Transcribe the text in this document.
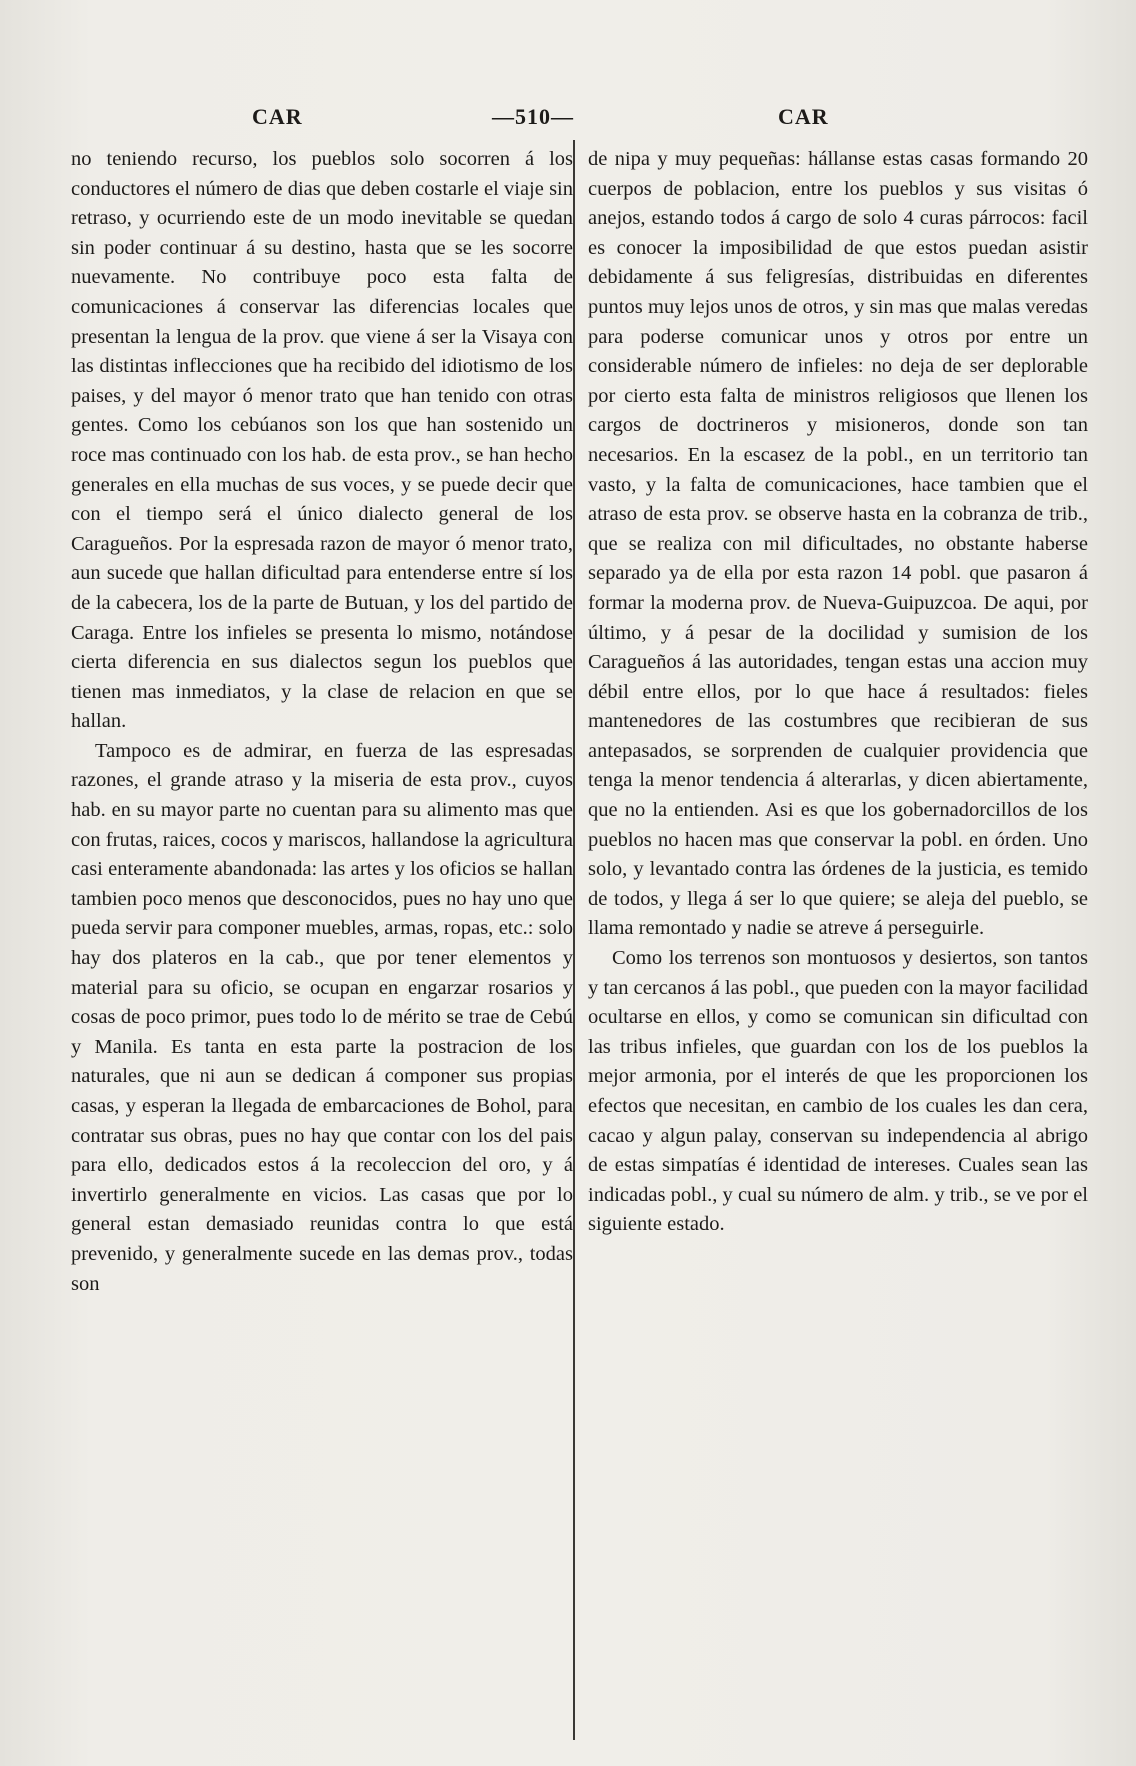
CAR	—510—	CAR

no teniendo recurso, los pueblos solo socorren á los conductores el número de dias que deben costarle el viaje sin retraso, y ocurriendo este de un modo inevitable se quedan sin poder continuar á su destino, hasta que se les socorre nuevamente. No contribuye poco esta falta de comunicaciones á conservar las diferencias locales que presentan la lengua de la prov. que viene á ser la Visaya con las distintas inflecciones que ha recibido del idiotismo de los paises, y del mayor ó menor trato que han tenido con otras gentes. Como los cebúanos son los que han sostenido un roce mas continuado con los hab. de esta prov., se han hecho generales en ella muchas de sus voces, y se puede decir que con el tiempo será el único dialecto general de los Caragueños. Por la espresada razon de mayor ó menor trato, aun sucede que hallan dificultad para entenderse entre sí los de la cabecera, los de la parte de Butuan, y los del partido de Caraga. Entre los infieles se presenta lo mismo, notándose cierta diferencia en sus dialectos segun los pueblos que tienen mas inmediatos, y la clase de relacion en que se hallan.

Tampoco es de admirar, en fuerza de las espresadas razones, el grande atraso y la miseria de esta prov., cuyos hab. en su mayor parte no cuentan para su alimento mas que con frutas, raices, cocos y mariscos, hallandose la agricultura casi enteramente abandonada: las artes y los oficios se hallan tambien poco menos que desconocidos, pues no hay uno que pueda servir para componer muebles, armas, ropas, etc.: solo hay dos plateros en la cab., que por tener elementos y material para su oficio, se ocupan en engarzar rosarios y cosas de poco primor, pues todo lo de mérito se trae de Cebú y Manila. Es tanta en esta parte la postracion de los naturales, que ni aun se dedican á componer sus propias casas, y esperan la llegada de embarcaciones de Bohol, para contratar sus obras, pues no hay que contar con los del pais para ello, dedicados estos á la recoleccion del oro, y á invertirlo generalmente en vicios. Las casas que por lo general estan demasiado reunidas contra lo que está prevenido, y generalmente sucede en las demas prov., todas son

de nipa y muy pequeñas: hállanse estas casas formando 20 cuerpos de poblacion, entre los pueblos y sus visitas ó anejos, estando todos á cargo de solo 4 curas párrocos: facil es conocer la imposibilidad de que estos puedan asistir debidamente á sus feligresías, distribuidas en diferentes puntos muy lejos unos de otros, y sin mas que malas veredas para poderse comunicar unos y otros por entre un considerable número de infieles: no deja de ser deplorable por cierto esta falta de ministros religiosos que llenen los cargos de doctrineros y misioneros, donde son tan necesarios. En la escasez de la pobl., en un territorio tan vasto, y la falta de comunicaciones, hace tambien que el atraso de esta prov. se observe hasta en la cobranza de trib., que se realiza con mil dificultades, no obstante haberse separado ya de ella por esta razon 14 pobl. que pasaron á formar la moderna prov. de Nueva-Guipuzcoa. De aqui, por último, y á pesar de la docilidad y sumision de los Caragueños á las autoridades, tengan estas una accion muy débil entre ellos, por lo que hace á resultados: fieles mantenedores de las costumbres que recibieran de sus antepasados, se sorprenden de cualquier providencia que tenga la menor tendencia á alterarlas, y dicen abiertamente, que no la entienden. Asi es que los gobernadorcillos de los pueblos no hacen mas que conservar la pobl. en órden. Uno solo, y levantado contra las órdenes de la justicia, es temido de todos, y llega á ser lo que quiere; se aleja del pueblo, se llama remontado y nadie se atreve á perseguirle.

Como los terrenos son montuosos y desiertos, son tantos y tan cercanos á las pobl., que pueden con la mayor facilidad ocultarse en ellos, y como se comunican sin dificultad con las tribus infieles, que guardan con los de los pueblos la mejor armonia, por el interés de que les proporcionen los efectos que necesitan, en cambio de los cuales les dan cera, cacao y algun palay, conservan su independencia al abrigo de estas simpatías é identidad de intereses. Cuales sean las indicadas pobl., y cual su número de alm. y trib., se ve por el siguiente estado.
